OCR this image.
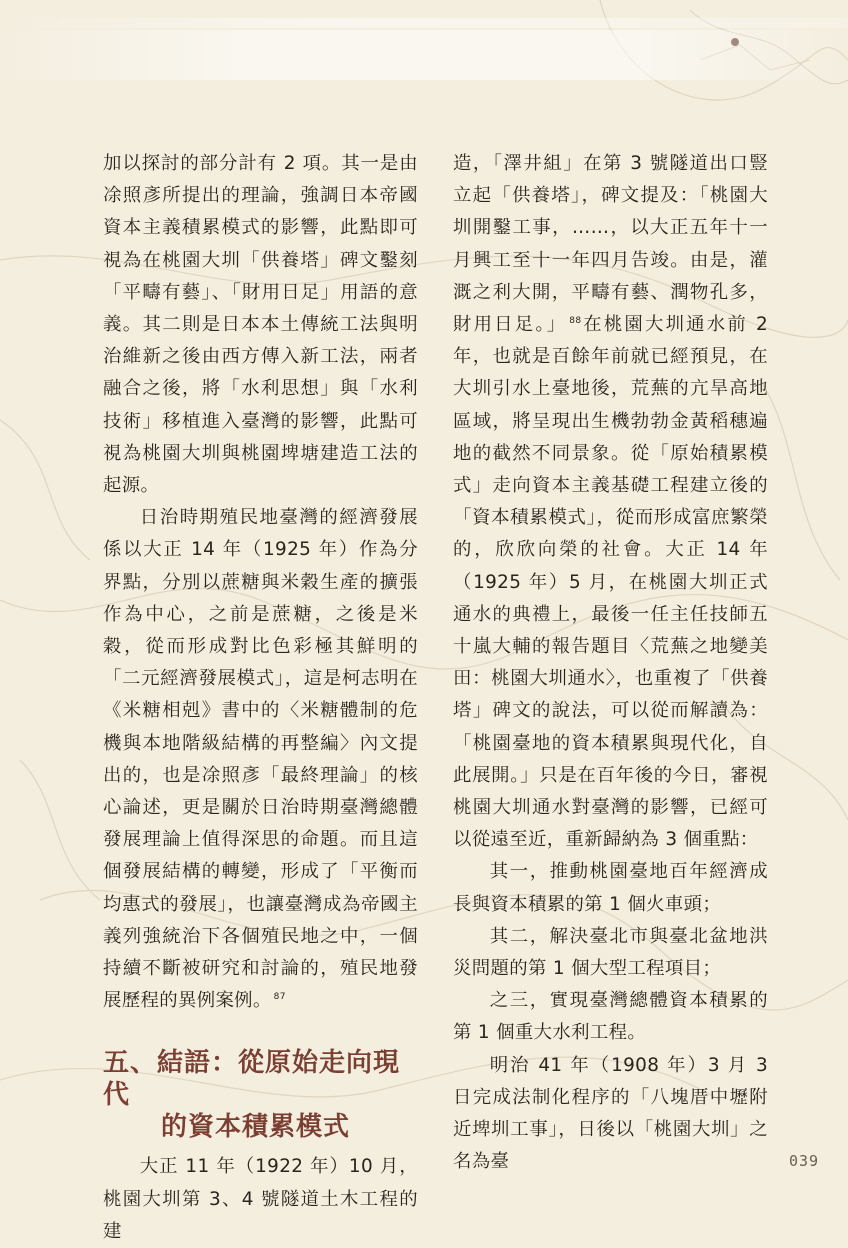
加以探討的部分計有 2 項。其一是由凃照彥所提出的理論，強調日本帝國資本主義積累模式的影響，此點即可視為在桃園大圳「供養塔」碑文鑿刻「平疇有藝」、「財用日足」用語的意義。其二則是日本本土傳統工法與明治維新之後由西方傳入新工法，兩者融合之後，將「水利思想」與「水利技術」移植進入臺灣的影響，此點可視為桃園大圳與桃園埤塘建造工法的起源。

日治時期殖民地臺灣的經濟發展係以大正 14 年（1925 年）作為分界點，分別以蔗糖與米穀生產的擴張作為中心，之前是蔗糖，之後是米穀，從而形成對比色彩極其鮮明的「二元經濟發展模式」，這是柯志明在《米糖相剋》書中的〈米糖體制的危機與本地階級結構的再整編〉內文提出的，也是凃照彥「最終理論」的核心論述，更是關於日治時期臺灣總體發展理論上值得深思的命題。而且這個發展結構的轉變，形成了「平衡而均惠式的發展」，也讓臺灣成為帝國主義列強統治下各個殖民地之中，一個持續不斷被研究和討論的，殖民地發展歷程的異例案例。 $^{87}$

五、結語：從原始走向現代
的資本積累模式

大正 11 年（1922 年）10 月，桃園大圳第 3、4 號隧道土木工程的建

造，「澤井組」在第 3 號隧道出口豎立起「供養塔」，碑文提及：「桃園大圳開鑿工事，……，以大正五年十一月興工至十一年四月告竣。由是，灌溉之利大開，平疇有藝、潤物孔多，財用日足。」 $^{88}$在桃園大圳通水前 2 年，也就是百餘年前就已經預見，在大圳引水上臺地後，荒蕪的亢旱高地區域，將呈現出生機勃勃金黃稻穗遍地的截然不同景象。從「原始積累模式」走向資本主義基礎工程建立後的「資本積累模式」，從而形成富庶繁榮的，欣欣向榮的社會。大正 14 年（1925 年）5 月，在桃園大圳正式通水的典禮上，最後一任主任技師五十嵐大輔的報告題目〈荒蕪之地變美田：桃園大圳通水〉，也重複了「供養塔」碑文的說法，可以從而解讀為：「桃園臺地的資本積累與現代化，自此展開。」只是在百年後的今日，審視桃園大圳通水對臺灣的影響，已經可以從遠至近，重新歸納為 3 個重點：

其一，推動桃園臺地百年經濟成長與資本積累的第 1 個火車頭；

其二，解決臺北市與臺北盆地洪災問題的第 1 個大型工程項目；

之三，實現臺灣總體資本積累的第 1 個重大水利工程。

明治 41 年（1908 年）3 月 3 日完成法制化程序的「八塊厝中壢附近埤圳工事」，日後以「桃園大圳」之名為臺	039
